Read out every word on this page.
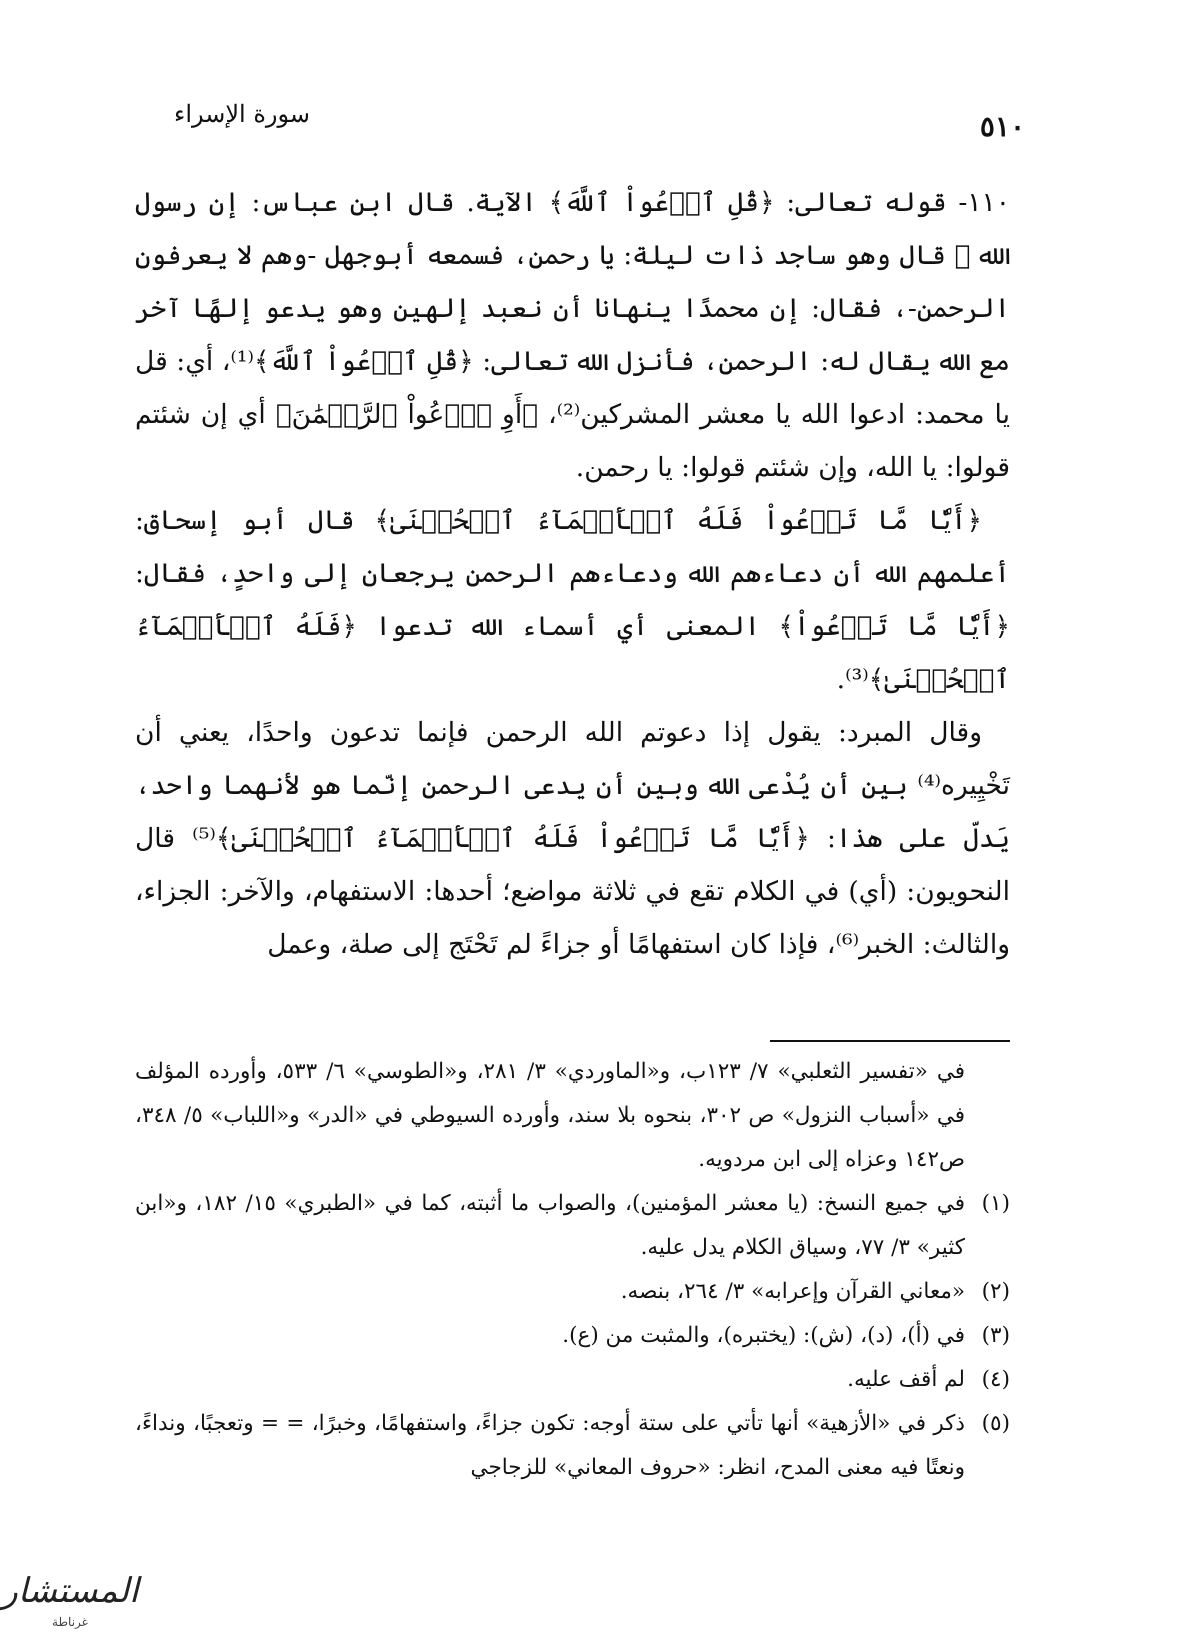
سورة الإسراء	٥١٠

١١٠- قوله تعالى: ﴿قُلِ ٱدۡعُواْ ٱللَّهَ﴾ الآية. قال ابن عباس: إن رسول الله ﷺ قال وهو ساجد ذات ليلة: يا رحمن، فسمعه أبوجهل -وهم لا يعرفون الرحمن-، فقال: إن محمدًا ينهانا أن نعبد إلهين وهو يدعو إلهًا آخر مع الله يقال له: الرحمن، فأنزل الله تعالى: ﴿قُلِ ٱدۡعُواْ ٱللَّهَ﴾⁽¹⁾، أي: قل يا محمد: ادعوا الله يا معشر المشركين⁽²⁾، ﴿أَوِ ٱدۡعُواْ ٱلرَّحۡمَٰنَ﴾ أي إن شئتم قولوا: يا الله، وإن شئتم قولوا: يا رحمن.

﴿أَيّٗا مَّا تَدۡعُواْ فَلَهُ ٱلۡأَسۡمَآءُ ٱلۡحُسۡنَىٰ﴾ قال أبو إسحاق: أعلمهم الله أن دعاءهم الله ودعاءهم الرحمن يرجعان إلى واحدٍ، فقال: ﴿أَيّٗا مَّا تَدۡعُواْ﴾ المعنى أي أسماء الله تدعوا ﴿فَلَهُ ٱلۡأَسۡمَآءُ ٱلۡحُسۡنَىٰ﴾⁽³⁾.

وقال المبرد: يقول إذا دعوتم الله الرحمن فإنما تدعون واحدًا، يعني أن تَخْيِيره⁽⁴⁾ بين أن يُدْعى الله وبين أن يدعى الرحمن إنّما هو لأنهما واحد، يَدلّ على هذا: ﴿أَيّٗا مَّا تَدۡعُواْ فَلَهُ ٱلۡأَسۡمَآءُ ٱلۡحُسۡنَىٰ﴾⁽⁵⁾ قال النحويون: (أي) في الكلام تقع في ثلاثة مواضع؛ أحدها: الاستفهام، والآخر: الجزاء، والثالث: الخبر⁽⁶⁾، فإذا كان استفهامًا أو جزاءً لم تَحْتَج إلى صلة، وعمل

في «تفسير الثعلبي» ٧/ ١٢٣ب، و«الماوردي» ٣/ ٢٨١، و«الطوسي» ٦/ ٥٣٣، وأورده المؤلف في «أسباب النزول» ص ٣٠٢، بنحوه بلا سند، وأورده السيوطي في «الدر» و«اللباب» ٥/ ٣٤٨، ص١٤٢ وعزاه إلى ابن مردويه.

(١)
في جميع النسخ: (يا معشر المؤمنين)، والصواب ما أثبته، كما في «الطبري» ١٥/ ١٨٢، و«ابن كثير» ٣/ ٧٧، وسياق الكلام يدل عليه.
(٢)
«معاني القرآن وإعرابه» ٣/ ٢٦٤، بنصه.
(٣)
في (أ)، (د)، (ش): (يختبره)، والمثبت من (ع).
(٤)
لم أقف عليه.
(٥)
ذكر في «الأزهية» أنها تأتي على ستة أوجه: تكون جزاءً، واستفهامًا، وخبرًا، = = وتعجبًا، ونداءً، ونعتًا فيه معنى المدح، انظر: «حروف المعاني» للزجاجي
المستشار
غرناطة
